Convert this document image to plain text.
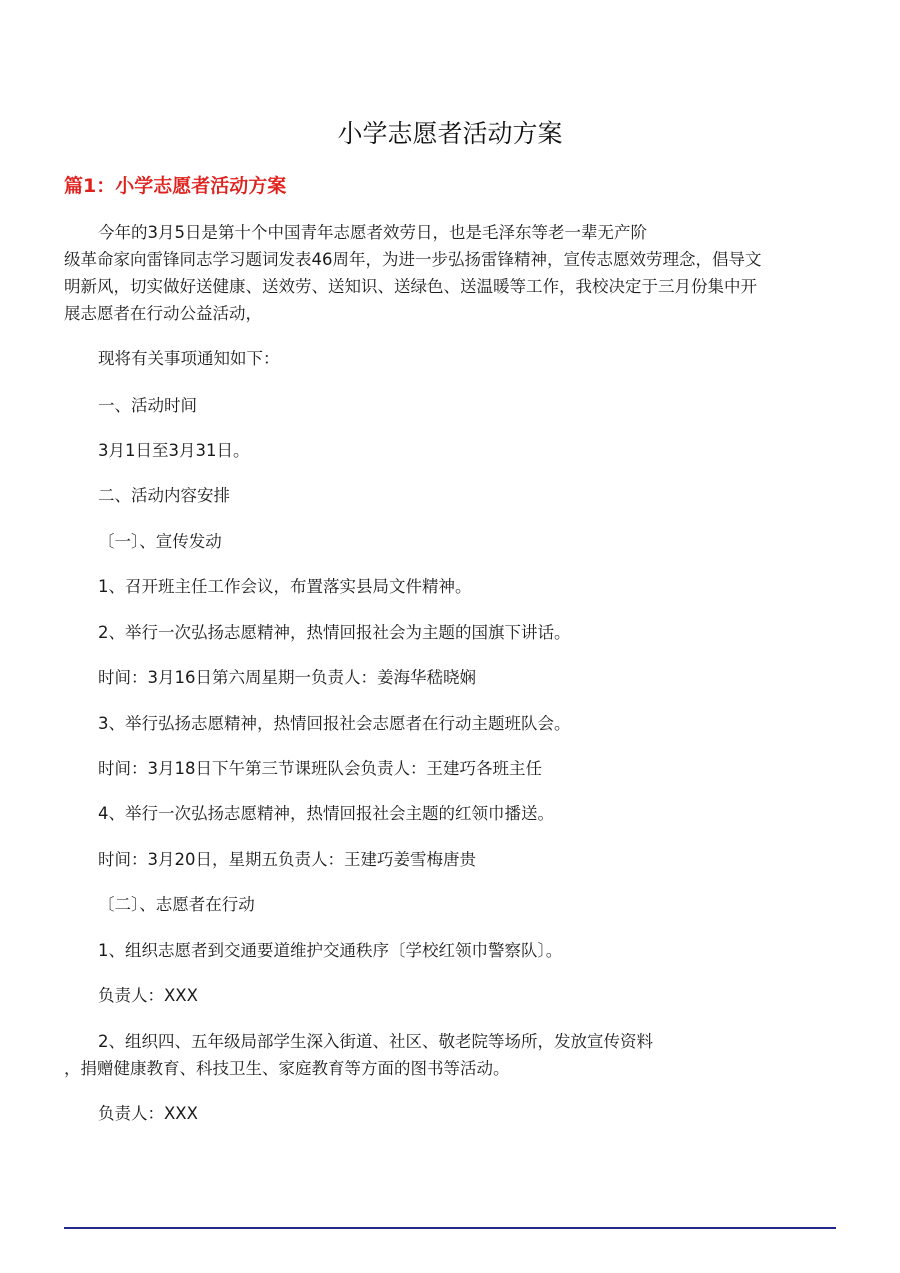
小学志愿者活动方案
篇1：小学志愿者活动方案
今年的3月5日是第十个中国青年志愿者效劳日，也是毛泽东等老一辈无产阶
级革命家向雷锋同志学习题词发表46周年，为进一步弘扬雷锋精神，宣传志愿效劳理念，倡导文
明新风，切实做好送健康、送效劳、送知识、送绿色、送温暖等工作，我校决定于三月份集中开
展志愿者在行动公益活动，
现将有关事项通知如下：
一、活动时间
3月1日至3月31日。
二、活动内容安排
〔一〕、宣传发动
1、召开班主任工作会议，布置落实县局文件精神。
2、举行一次弘扬志愿精神，热情回报社会为主题的国旗下讲话。
时间：3月16日第六周星期一负责人：姜海华嵇晓娴
3、举行弘扬志愿精神，热情回报社会志愿者在行动主题班队会。
时间：3月18日下午第三节课班队会负责人：王建巧各班主任
4、举行一次弘扬志愿精神，热情回报社会主题的红领巾播送。
时间：3月20日，星期五负责人：王建巧姜雪梅唐贵
〔二〕、志愿者在行动
1、组织志愿者到交通要道维护交通秩序〔学校红领巾警察队〕。
负责人：XXX
2、组织四、五年级局部学生深入街道、社区、敬老院等场所，发放宣传资料
，捐赠健康教育、科技卫生、家庭教育等方面的图书等活动。
负责人：XXX
